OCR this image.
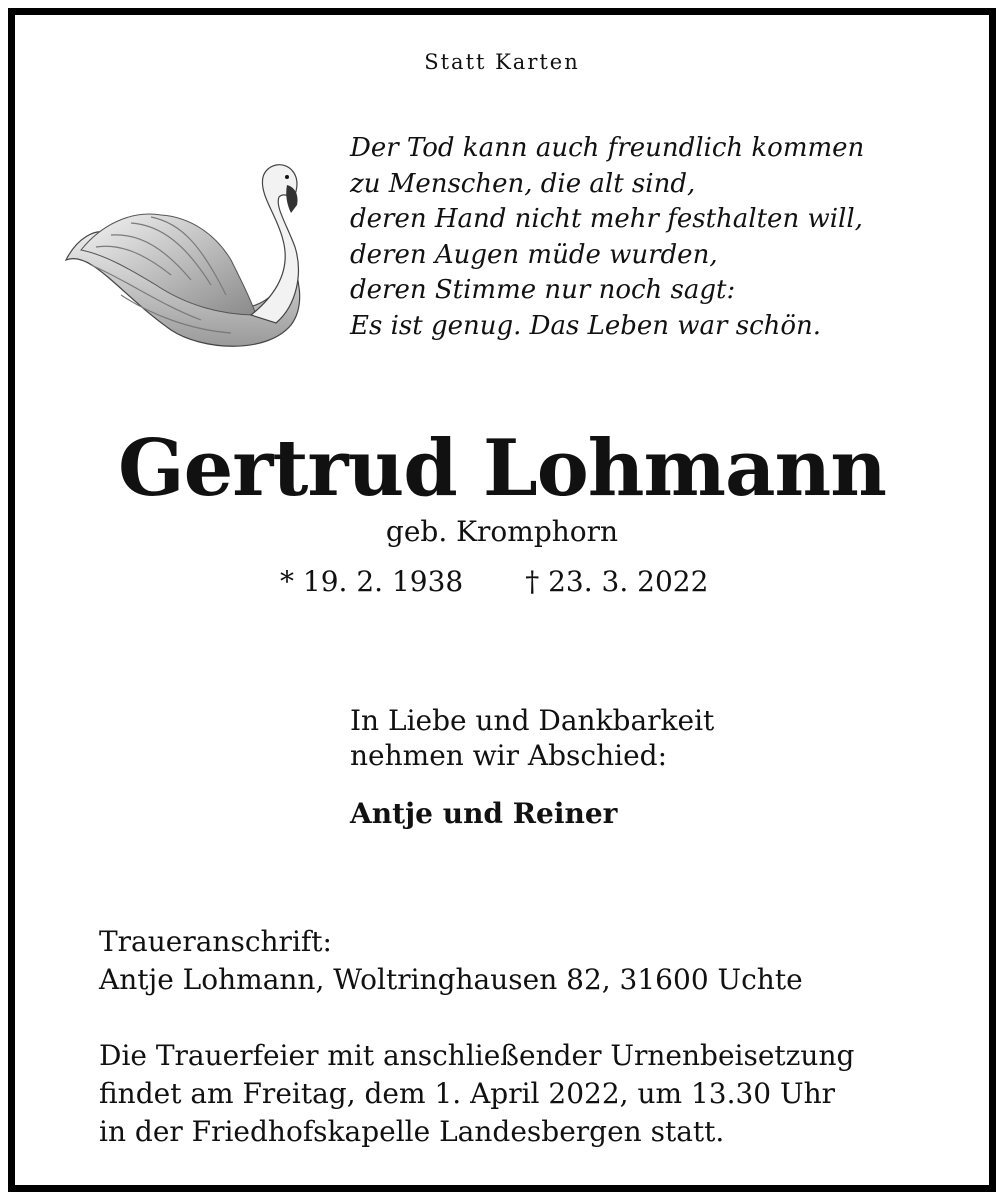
Statt Karten
Der Tod kann auch freundlich kommen
zu Menschen, die alt sind,
deren Hand nicht mehr festhalten will,
deren Augen müde wurden,
deren Stimme nur noch sagt:
Es ist genug. Das Leben war schön.
Gertrud Lohmann
geb. Kromphorn
* 19. 2. 1938 † 23. 3. 2022
In Liebe und Dankbarkeit
nehmen wir Abschied:
Antje und Reiner
Traueranschrift:
Antje Lohmann, Woltringhausen 82, 31600 Uchte
Die Trauerfeier mit anschließender Urnenbeisetzung
findet am Freitag, dem 1. April 2022, um 13.30 Uhr
in der Friedhofskapelle Landesbergen statt.
